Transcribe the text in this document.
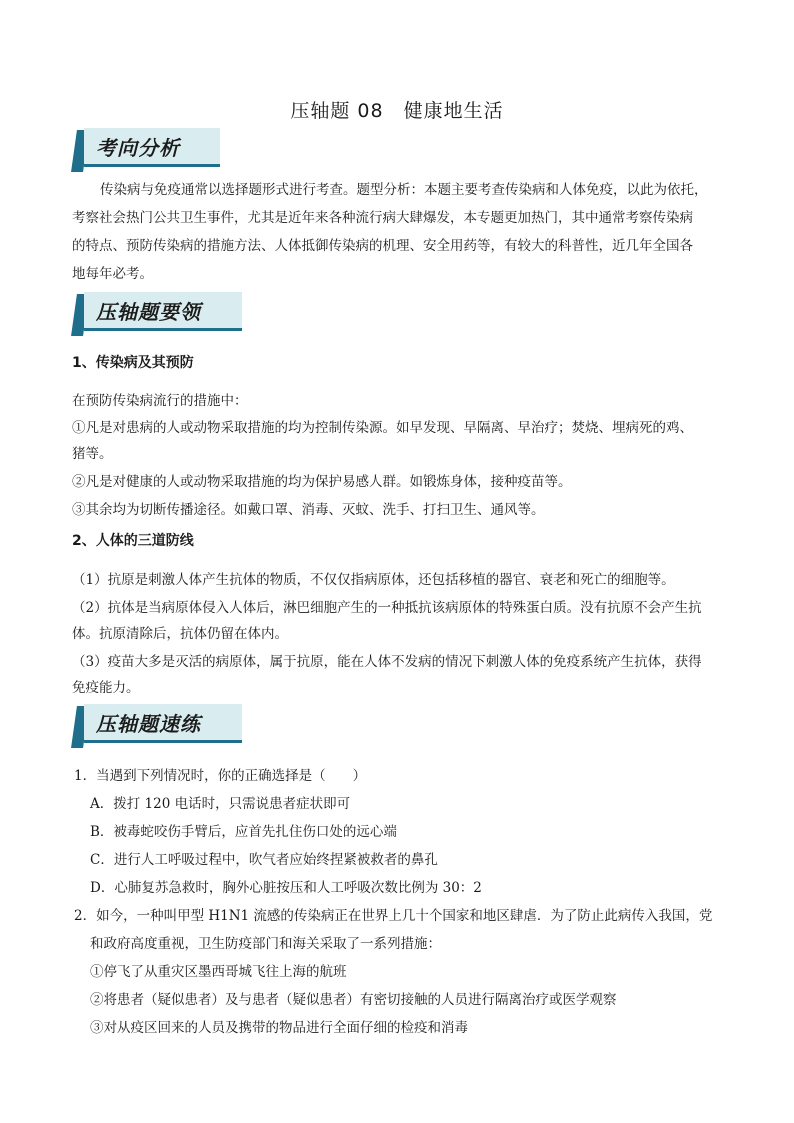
压轴题 08　健康地生活
考向分析
传染病与免疫通常以选择题形式进行考查。题型分析：本题主要考查传染病和人体免疫，以此为依托，
考察社会热门公共卫生事件，尤其是近年来各种流行病大肆爆发，本专题更加热门，其中通常考察传染病
的特点、预防传染病的措施方法、人体抵御传染病的机理、安全用药等，有较大的科普性，近几年全国各
地每年必考。
压轴题要领
1、传染病及其预防
在预防传染病流行的措施中：
①凡是对患病的人或动物采取措施的均为控制传染源。如早发现、早隔离、早治疗；焚烧、埋病死的鸡、
猪等。
②凡是对健康的人或动物采取措施的均为保护易感人群。如锻炼身体，接种疫苗等。
③其余均为切断传播途径。如戴口罩、消毒、灭蚊、洗手、打扫卫生、通风等。
2、人体的三道防线
（1）抗原是刺激人体产生抗体的物质，不仅仅指病原体，还包括移植的器官、衰老和死亡的细胞等。
（2）抗体是当病原体侵入人体后，淋巴细胞产生的一种抵抗该病原体的特殊蛋白质。没有抗原不会产生抗
体。抗原清除后，抗体仍留在体内。
（3）疫苗大多是灭活的病原体，属于抗原，能在人体不发病的情况下刺激人体的免疫系统产生抗体，获得
免疫能力。
压轴题速练
1．当遇到下列情况时，你的正确选择是（　　）
A．拨打 120 电话时，只需说患者症状即可
B．被毒蛇咬伤手臂后，应首先扎住伤口处的远心端
C．进行人工呼吸过程中，吹气者应始终捏紧被救者的鼻孔
D．心肺复苏急救时，胸外心脏按压和人工呼吸次数比例为 30：2
2．如今，一种叫甲型 H1N1 流感的传染病正在世界上几十个国家和地区肆虐．为了防止此病传入我国，党
和政府高度重视，卫生防疫部门和海关采取了一系列措施：
①停飞了从重灾区墨西哥城飞往上海的航班
②将患者（疑似患者）及与患者（疑似患者）有密切接触的人员进行隔离治疗或医学观察
③对从疫区回来的人员及携带的物品进行全面仔细的检疫和消毒
